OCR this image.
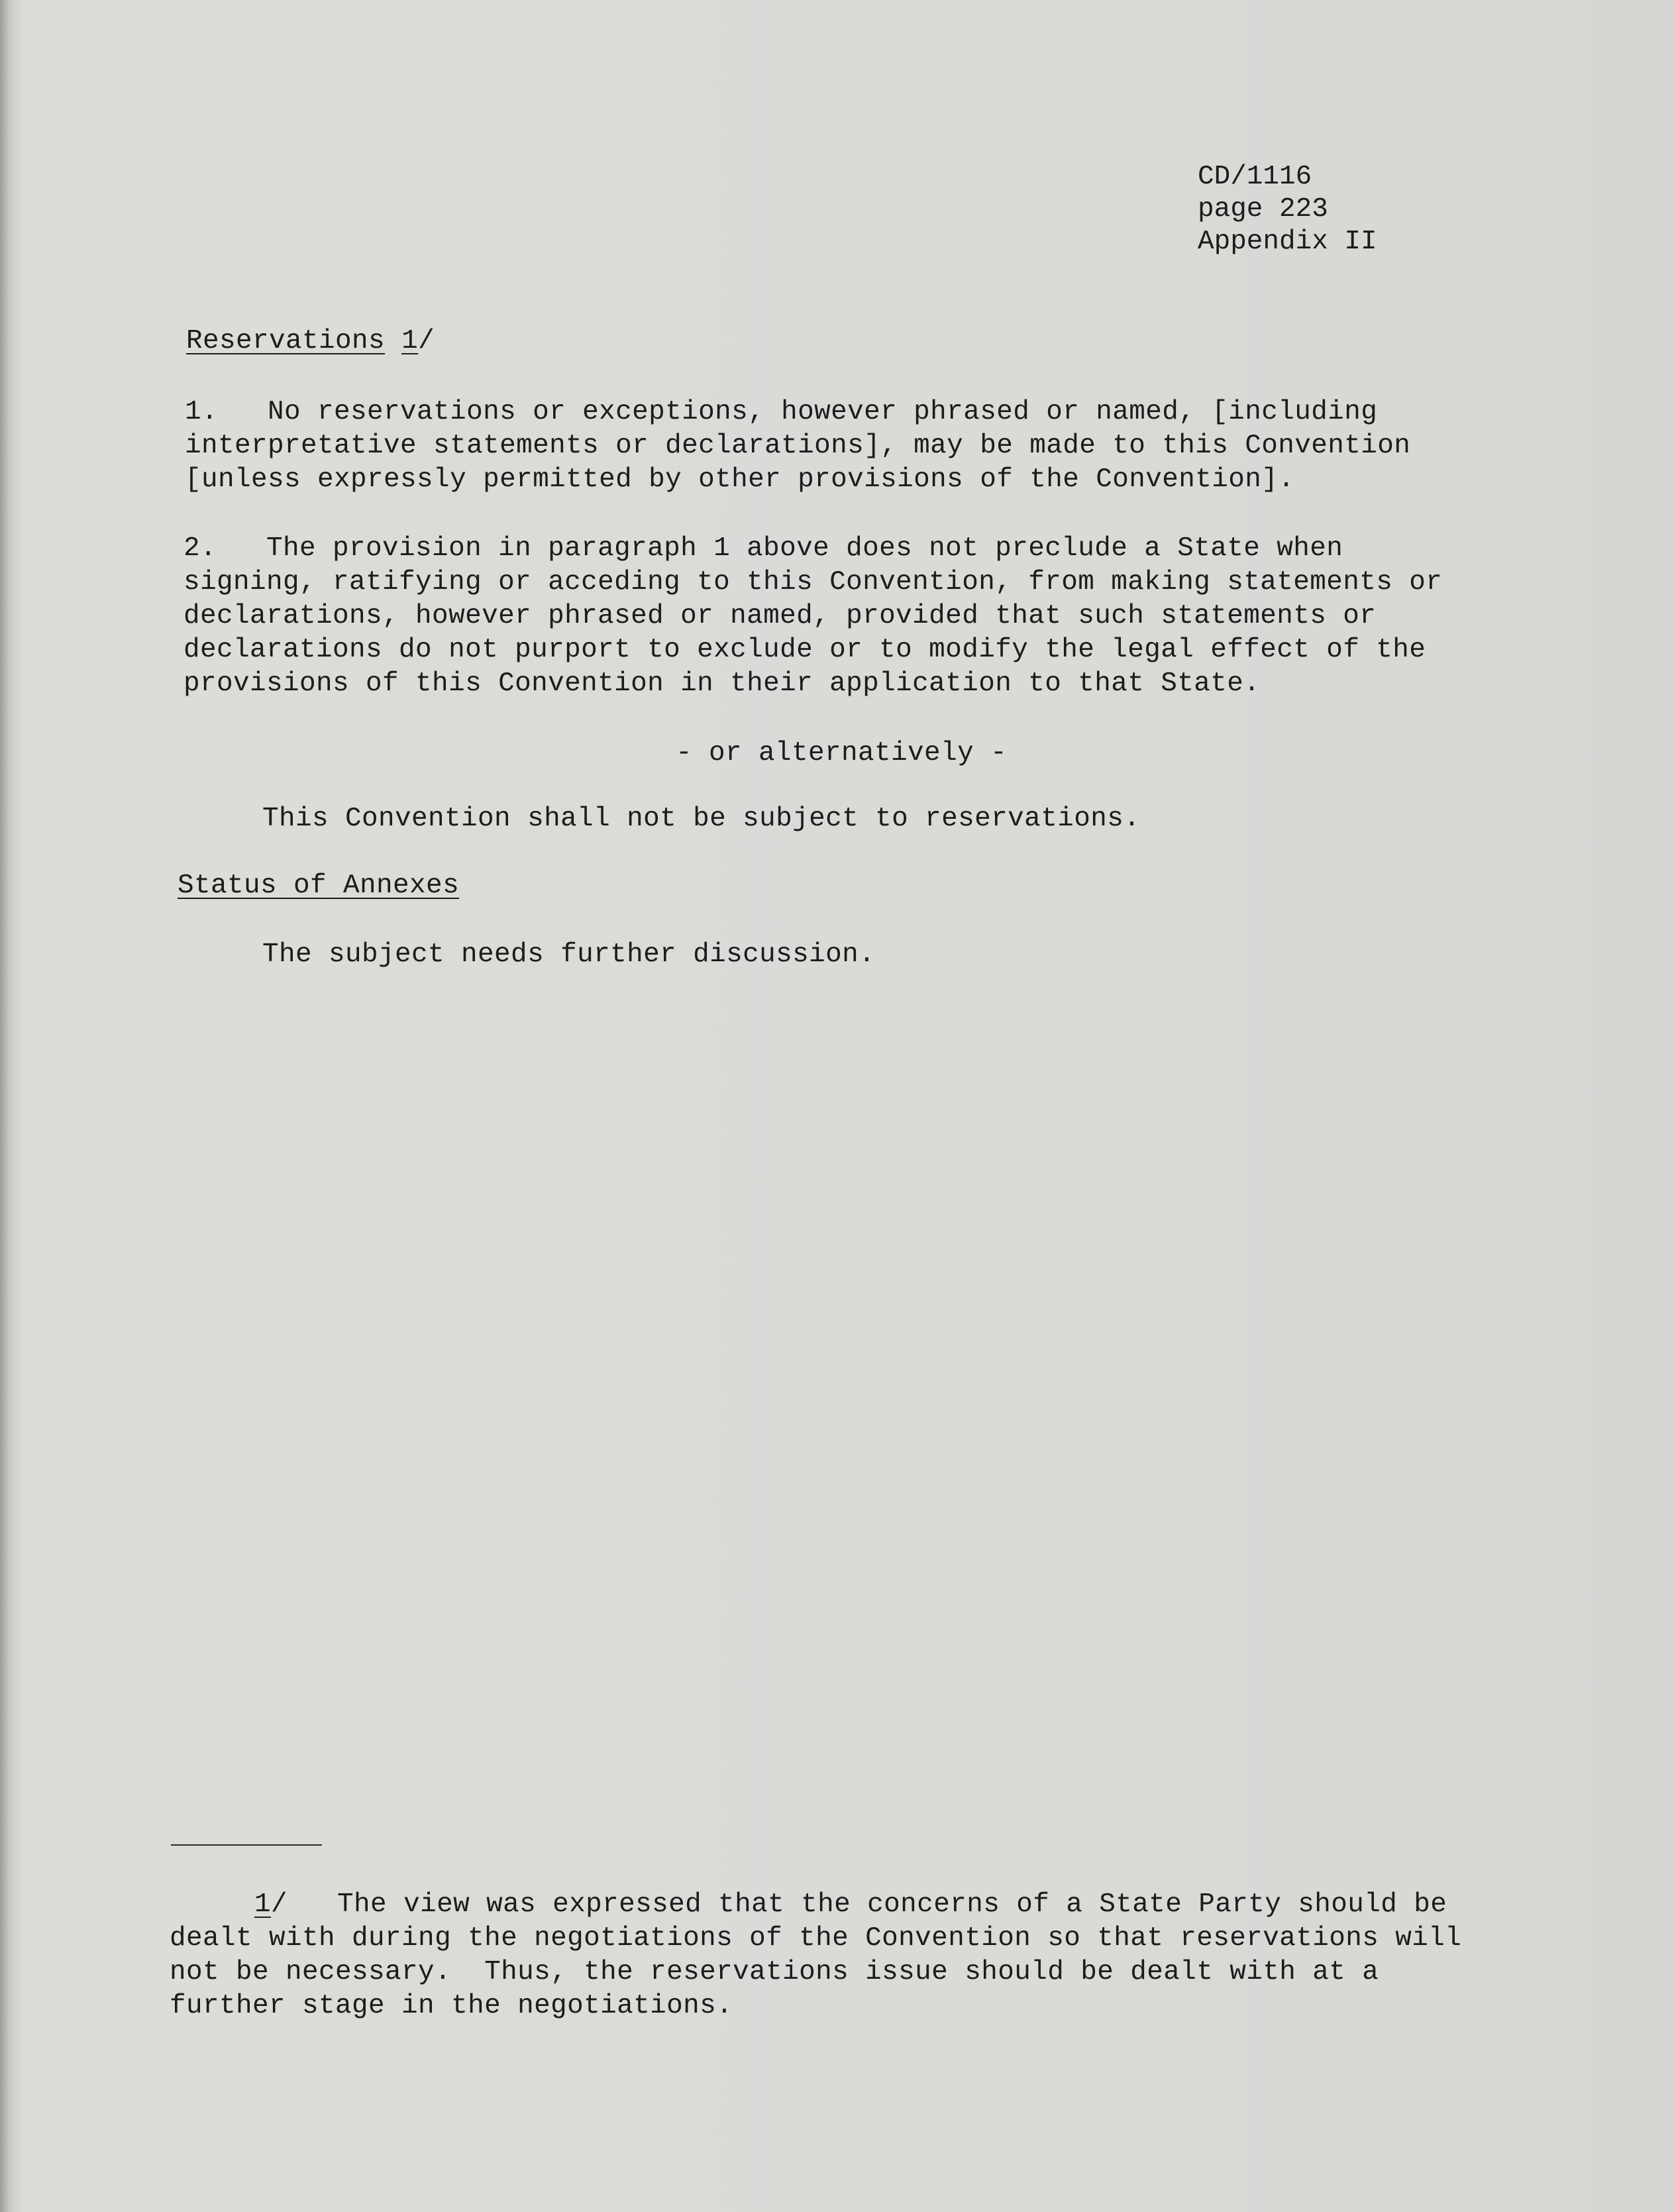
CD/1116
page 223
Appendix II
Reservations 1/
1.   No reservations or exceptions, however phrased or named, [including
interpretative statements or declarations], may be made to this Convention
[unless expressly permitted by other provisions of the Convention].
2.   The provision in paragraph 1 above does not preclude a State when
signing, ratifying or acceding to this Convention, from making statements or
declarations, however phrased or named, provided that such statements or
declarations do not purport to exclude or to modify the legal effect of the
provisions of this Convention in their application to that State.
- or alternatively -
This Convention shall not be subject to reservations.
Status of Annexes
The subject needs further discussion.
1/ The view was expressed that the concerns of a State Party should be
dealt with during the negotiations of the Convention so that reservations will
not be necessary.  Thus, the reservations issue should be dealt with at a
further stage in the negotiations.
